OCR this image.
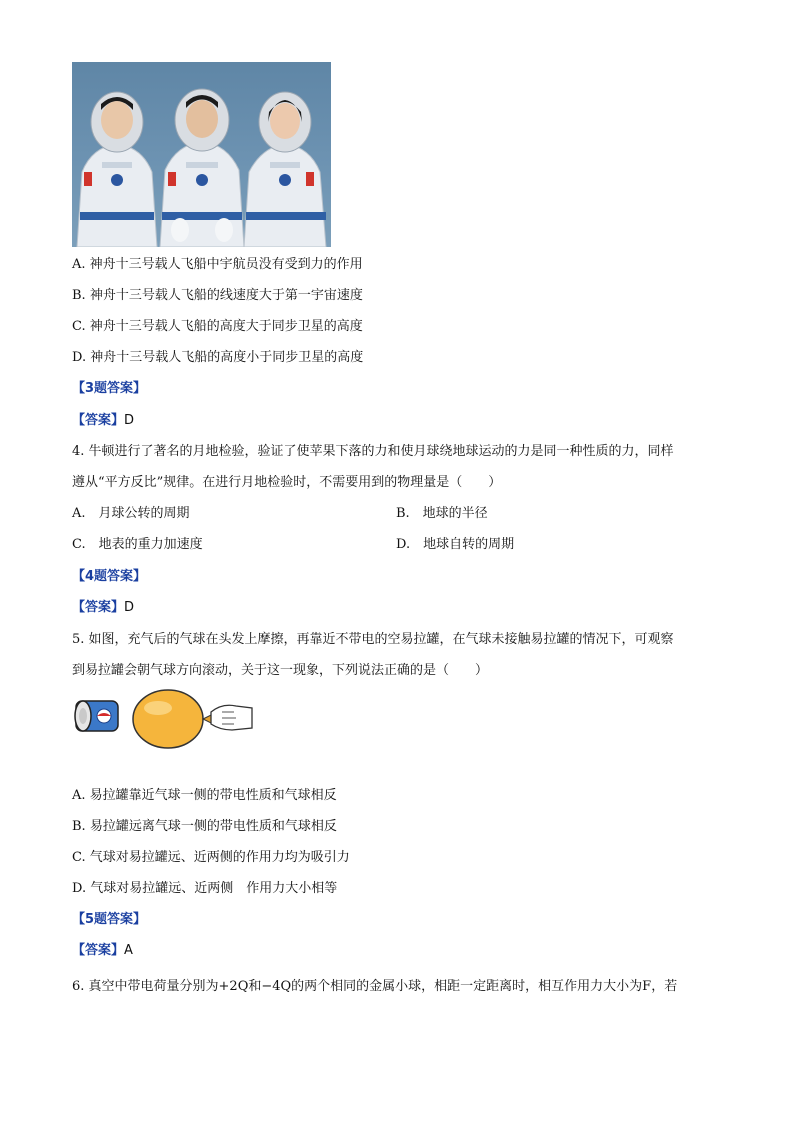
A. 神舟十三号载人飞船中宇航员没有受到力的作用
B. 神舟十三号载人飞船的线速度大于第一宇宙速度
C. 神舟十三号载人飞船的高度大于同步卫星的高度
D. 神舟十三号载人飞船的高度小于同步卫星的高度
【3题答案】
【答案】D
4. 牛顿进行了著名的月地检验，验证了使苹果下落的力和使月球绕地球运动的力是同一种性质的力，同样
遵从“平方反比”规律。在进行月地检验时，不需要用到的物理量是（　　）
A.　月球公转的周期	B.　地球的半径
C.　地表的重力加速度	D.　地球自转的周期
【4题答案】
【答案】D
5. 如图，充气后的气球在头发上摩擦，再靠近不带电的空易拉罐，在气球未接触易拉罐的情况下，可观察
到易拉罐会朝气球方向滚动，关于这一现象，下列说法正确的是（　　）
A. 易拉罐靠近气球一侧的带电性质和气球相反
B. 易拉罐远离气球一侧的带电性质和气球相反
C. 气球对易拉罐远、近两侧的作用力均为吸引力
D. 气球对易拉罐远、近两侧　作用力大小相等
【5题答案】
【答案】A
6. 真空中带电荷量分别为+2Q和−4Q的两个相同的金属小球，相距一定距离时，相互作用力大小为F，若
